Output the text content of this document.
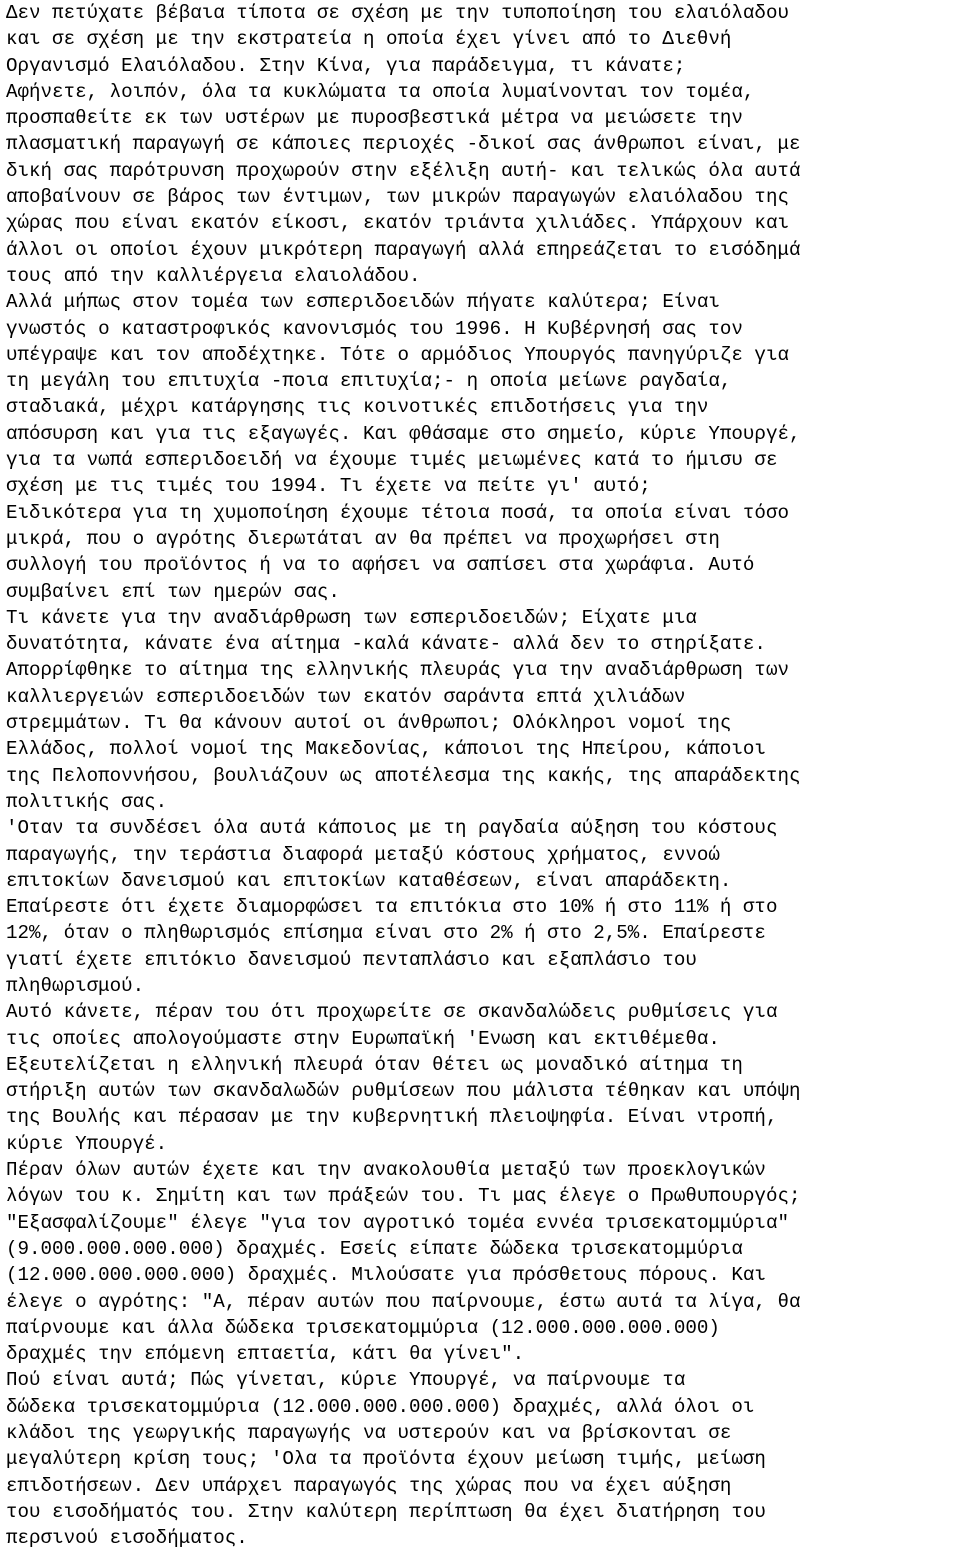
Δεν πετύχατε βέβαια τίποτα σε σχέση με την τυποποίηση του ελαιόλαδου

και σε σχέση με την εκστρατεία η οποία έχει γίνει από το Διεθνή

Οργανισμό Ελαιόλαδου. Στην Κίνα, για παράδειγμα, τι κάνατε;

Αφήνετε, λοιπόν, όλα τα κυκλώματα τα οποία λυμαίνονται τον τομέα,

προσπαθείτε εκ των υστέρων με πυροσβεστικά μέτρα να μειώσετε την

πλασματική παραγωγή σε κάποιες περιοχές -δικοί σας άνθρωποι είναι, με

δική σας παρότρυνση προχωρούν στην εξέλιξη αυτή- και τελικώς όλα αυτά

αποβαίνουν σε βάρος των έντιμων, των μικρών παραγωγών ελαιόλαδου της

χώρας που είναι εκατόν είκοσι, εκατόν τριάντα χιλιάδες. Υπάρχουν και

άλλοι οι οποίοι έχουν μικρότερη παραγωγή αλλά επηρεάζεται το εισόδημά

τους από την καλλιέργεια ελαιολάδου.

Αλλά μήπως στον τομέα των εσπεριδοειδών πήγατε καλύτερα; Είναι

γνωστός ο καταστροφικός κανονισμός του 1996. Η Κυβέρνησή σας τον

υπέγραψε και τον αποδέχτηκε. Τότε ο αρμόδιος Υπουργός πανηγύριζε για

τη μεγάλη του επιτυχία -ποια επιτυχία;- η οποία μείωνε ραγδαία,

σταδιακά, μέχρι κατάργησης τις κοινοτικές επιδοτήσεις για την

απόσυρση και για τις εξαγωγές. Και φθάσαμε στο σημείο, κύριε Υπουργέ,

για τα νωπά εσπεριδοειδή να έχουμε τιμές μειωμένες κατά το ήμισυ σε

σχέση με τις τιμές του 1994. Τι έχετε να πείτε γι' αυτό;

Ειδικότερα για τη χυμοποίηση έχουμε τέτοια ποσά, τα οποία είναι τόσο

μικρά, που ο αγρότης διερωτάται αν θα πρέπει να προχωρήσει στη

συλλογή του προϊόντος ή να το αφήσει να σαπίσει στα χωράφια. Αυτό

συμβαίνει επί των ημερών σας.

Τι κάνετε για την αναδιάρθρωση των εσπεριδοειδών; Είχατε μια

δυνατότητα, κάνατε ένα αίτημα -καλά κάνατε- αλλά δεν το στηρίξατε.

Απορρίφθηκε το αίτημα της ελληνικής πλευράς για την αναδιάρθρωση των

καλλιεργειών εσπεριδοειδών των εκατόν σαράντα επτά χιλιάδων

στρεμμάτων. Τι θα κάνουν αυτοί οι άνθρωποι; Ολόκληροι νομοί της

Ελλάδος, πολλοί νομοί της Μακεδονίας, κάποιοι της Ηπείρου, κάποιοι

της Πελοποννήσου, βουλιάζουν ως αποτέλεσμα της κακής, της απαράδεκτης

πολιτικής σας.

'Οταν τα συνδέσει όλα αυτά κάποιος με τη ραγδαία αύξηση του κόστους

παραγωγής, την τεράστια διαφορά μεταξύ κόστους χρήματος, εννοώ

επιτοκίων δανεισμού και επιτοκίων καταθέσεων, είναι απαράδεκτη.

Επαίρεστε ότι έχετε διαμορφώσει τα επιτόκια στο 10% ή στο 11% ή στο

12%, όταν ο πληθωρισμός επίσημα είναι στο 2% ή στο 2,5%. Επαίρεστε

γιατί έχετε επιτόκιο δανεισμού πενταπλάσιο και εξαπλάσιο του

πληθωρισμού.

Αυτό κάνετε, πέραν του ότι προχωρείτε σε σκανδαλώδεις ρυθμίσεις για

τις οποίες απολογούμαστε στην Ευρωπαϊκή 'Ενωση και εκτιθέμεθα.

Εξευτελίζεται η ελληνική πλευρά όταν θέτει ως μοναδικό αίτημα τη

στήριξη αυτών των σκανδαλωδών ρυθμίσεων που μάλιστα τέθηκαν και υπόψη

της Βουλής και πέρασαν με την κυβερνητική πλειοψηφία. Είναι ντροπή,

κύριε Υπουργέ.

Πέραν όλων αυτών έχετε και την ανακολουθία μεταξύ των προεκλογικών

λόγων του κ. Σημίτη και των πράξεών του. Τι μας έλεγε ο Πρωθυπουργός;

"Εξασφαλίζουμε" έλεγε "για τον αγροτικό τομέα εννέα τρισεκατομμύρια"

(9.000.000.000.000) δραχμές. Εσείς είπατε δώδεκα τρισεκατομμύρια

(12.000.000.000.000) δραχμές. Μιλούσατε για πρόσθετους πόρους. Και

έλεγε ο αγρότης: "Α, πέραν αυτών που παίρνουμε, έστω αυτά τα λίγα, θα

παίρνουμε και άλλα δώδεκα τρισεκατομμύρια (12.000.000.000.000)

δραχμές την επόμενη επταετία, κάτι θα γίνει".

Πού είναι αυτά; Πώς γίνεται, κύριε Υπουργέ, να παίρνουμε τα

δώδεκα τρισεκατομμύρια (12.000.000.000.000) δραχμές, αλλά όλοι οι

κλάδοι της γεωργικής παραγωγής να υστερούν και να βρίσκονται σε

μεγαλύτερη κρίση τους; 'Ολα τα προϊόντα έχουν μείωση τιμής, μείωση

επιδοτήσεων. Δεν υπάρχει παραγωγός της χώρας που να έχει αύξηση

του εισοδήματός του. Στην καλύτερη περίπτωση θα έχει διατήρηση του

περσινού εισοδήματος.
